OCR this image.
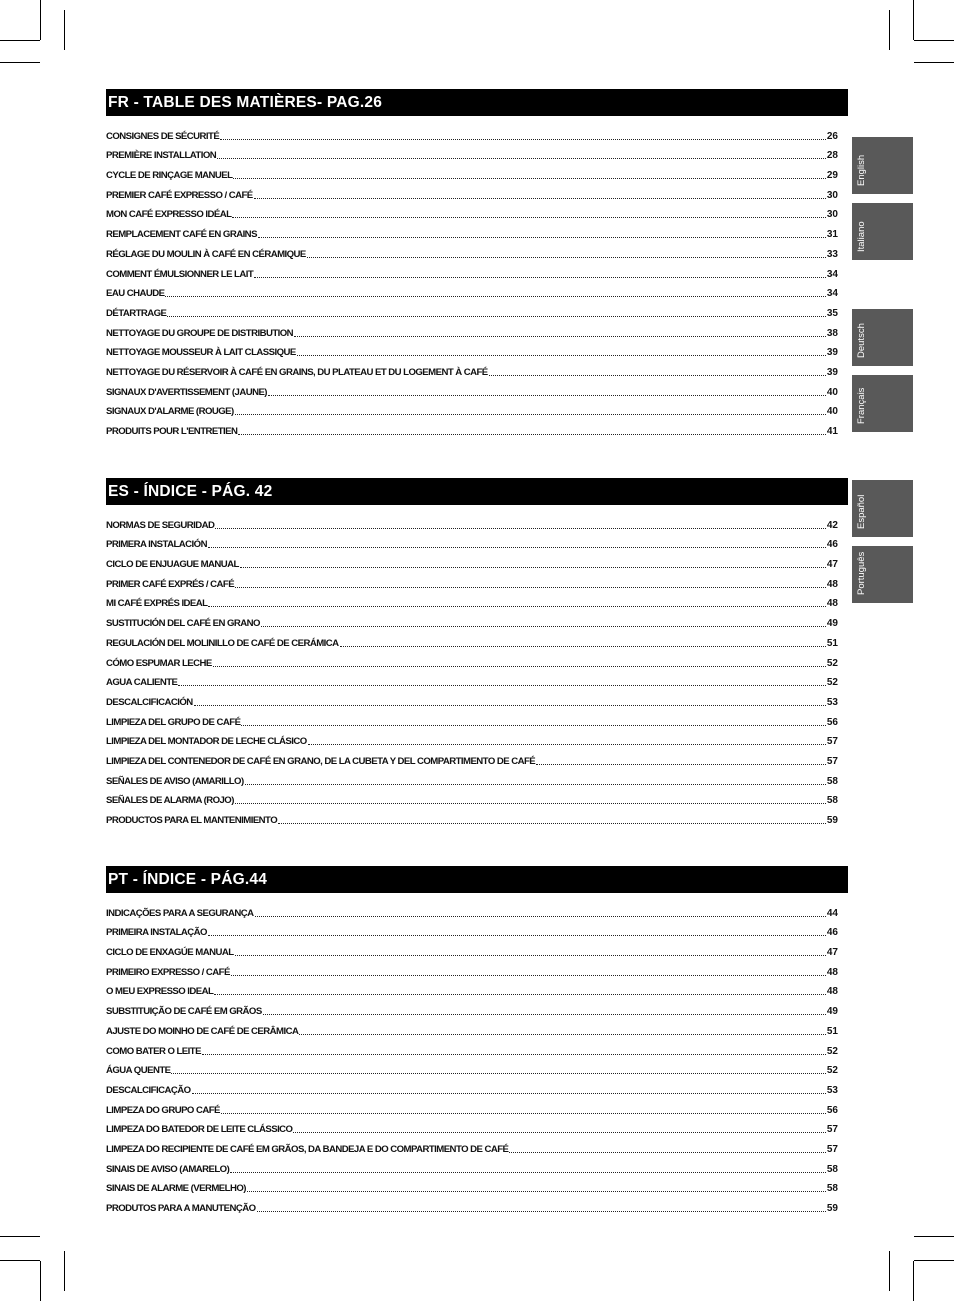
FR - TABLE DES MATIÈRES- PAG.26
CONSIGNES DE SÉCURITÉ	26
PREMIÈRE INSTALLATION	28
CYCLE DE RINÇAGE MANUEL	29
PREMIER CAFÉ EXPRESSO / CAFÉ	30
MON CAFÉ EXPRESSO IDÉAL	30
REMPLACEMENT CAFÉ EN GRAINS	31
RÉGLAGE DU MOULIN À CAFÉ EN CÉRAMIQUE	33
COMMENT ÉMULSIONNER LE LAIT	34
EAU CHAUDE	34
DÉTARTRAGE	35
NETTOYAGE DU GROUPE DE DISTRIBUTION	38
NETTOYAGE MOUSSEUR À LAIT CLASSIQUE	39
NETTOYAGE DU RÉSERVOIR À CAFÉ EN GRAINS, DU PLATEAU ET DU LOGEMENT À CAFÉ	39
SIGNAUX D'AVERTISSEMENT (JAUNE)	40
SIGNAUX D'ALARME (ROUGE)	40
PRODUITS POUR L'ENTRETIEN	41
ES - ÍNDICE - PÁG. 42
NORMAS DE SEGURIDAD	42
PRIMERA INSTALACIÓN	46
CICLO DE ENJUAGUE MANUAL	47
PRIMER CAFÉ EXPRÉS / CAFÉ	48
MI CAFÉ EXPRÉS IDEAL	48
SUSTITUCIÓN DEL CAFÉ EN GRANO	49
REGULACIÓN DEL MOLINILLO DE CAFÉ DE CERÁMICA	51
CÓMO ESPUMAR LECHE	52
AGUA CALIENTE	52
DESCALCIFICACIÓN	53
LIMPIEZA DEL GRUPO DE CAFÉ	56
LIMPIEZA DEL MONTADOR DE LECHE CLÁSICO	57
LIMPIEZA DEL CONTENEDOR DE CAFÉ EN GRANO, DE LA CUBETA Y DEL COMPARTIMENTO DE CAFÉ	57
SEÑALES DE AVISO (AMARILLO)	58
SEÑALES DE ALARMA (ROJO)	58
PRODUCTOS PARA EL MANTENIMIENTO	59
PT - ÍNDICE - PÁG.44
INDICAÇÕES PARA A SEGURANÇA	44
PRIMEIRA INSTALAÇÃO	46
CICLO DE ENXAGÚE MANUAL	47
PRIMEIRO EXPRESSO / CAFÉ	48
O MEU EXPRESSO IDEAL	48
SUBSTITUIÇÃO DE CAFÉ EM GRÃOS	49
AJUSTE DO MOINHO DE CAFÉ DE CERÂMICA	51
COMO BATER O LEITE	52
ÁGUA QUENTE	52
DESCALCIFICAÇÃO	53
LIMPEZA DO GRUPO CAFÉ	56
LIMPEZA DO BATEDOR DE LEITE CLÁSSICO	57
LIMPEZA DO RECIPIENTE DE CAFÉ EM GRÃOS, DA BANDEJA E DO COMPARTIMENTO DE CAFÉ	57
SINAIS DE AVISO (AMARELO)	58
SINAIS DE ALARME (VERMELHO)	58
PRODUTOS PARA A MANUTENÇÃO	59
English
Italiano
Deutsch
Français
Español
Português
